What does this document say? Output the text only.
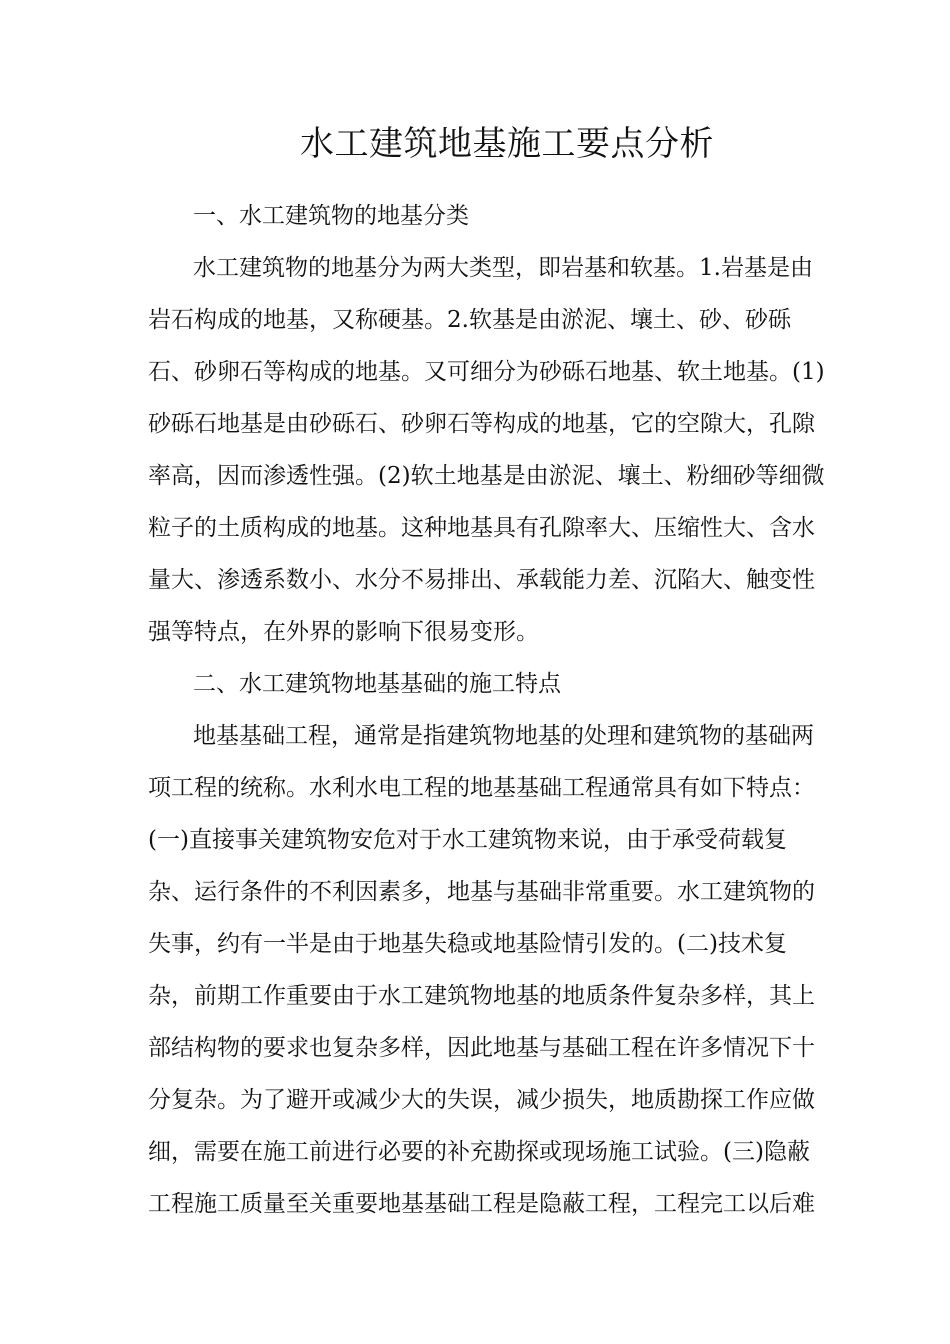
水工建筑地基施工要点分析
一、水工建筑物的地基分类
水工建筑物的地基分为两大类型，即岩基和软基。1.岩基是由
岩石构成的地基，又称硬基。2.软基是由淤泥、壤土、砂、砂砾
石、砂卵石等构成的地基。又可细分为砂砾石地基、软土地基。(1)
砂砾石地基是由砂砾石、砂卵石等构成的地基，它的空隙大，孔隙
率高，因而渗透性强。(2)软土地基是由淤泥、壤土、粉细砂等细微
粒子的土质构成的地基。这种地基具有孔隙率大、压缩性大、含水
量大、渗透系数小、水分不易排出、承载能力差、沉陷大、触变性
强等特点，在外界的影响下很易变形。
二、水工建筑物地基基础的施工特点
地基基础工程，通常是指建筑物地基的处理和建筑物的基础两
项工程的统称。水利水电工程的地基基础工程通常具有如下特点：
(一)直接事关建筑物安危对于水工建筑物来说，由于承受荷载复
杂、运行条件的不利因素多，地基与基础非常重要。水工建筑物的
失事，约有一半是由于地基失稳或地基险情引发的。(二)技术复
杂，前期工作重要由于水工建筑物地基的地质条件复杂多样，其上
部结构物的要求也复杂多样，因此地基与基础工程在许多情况下十
分复杂。为了避开或减少大的失误，减少损失，地质勘探工作应做
细，需要在施工前进行必要的补充勘探或现场施工试验。(三)隐蔽
工程施工质量至关重要地基基础工程是隐蔽工程，工程完工以后难
